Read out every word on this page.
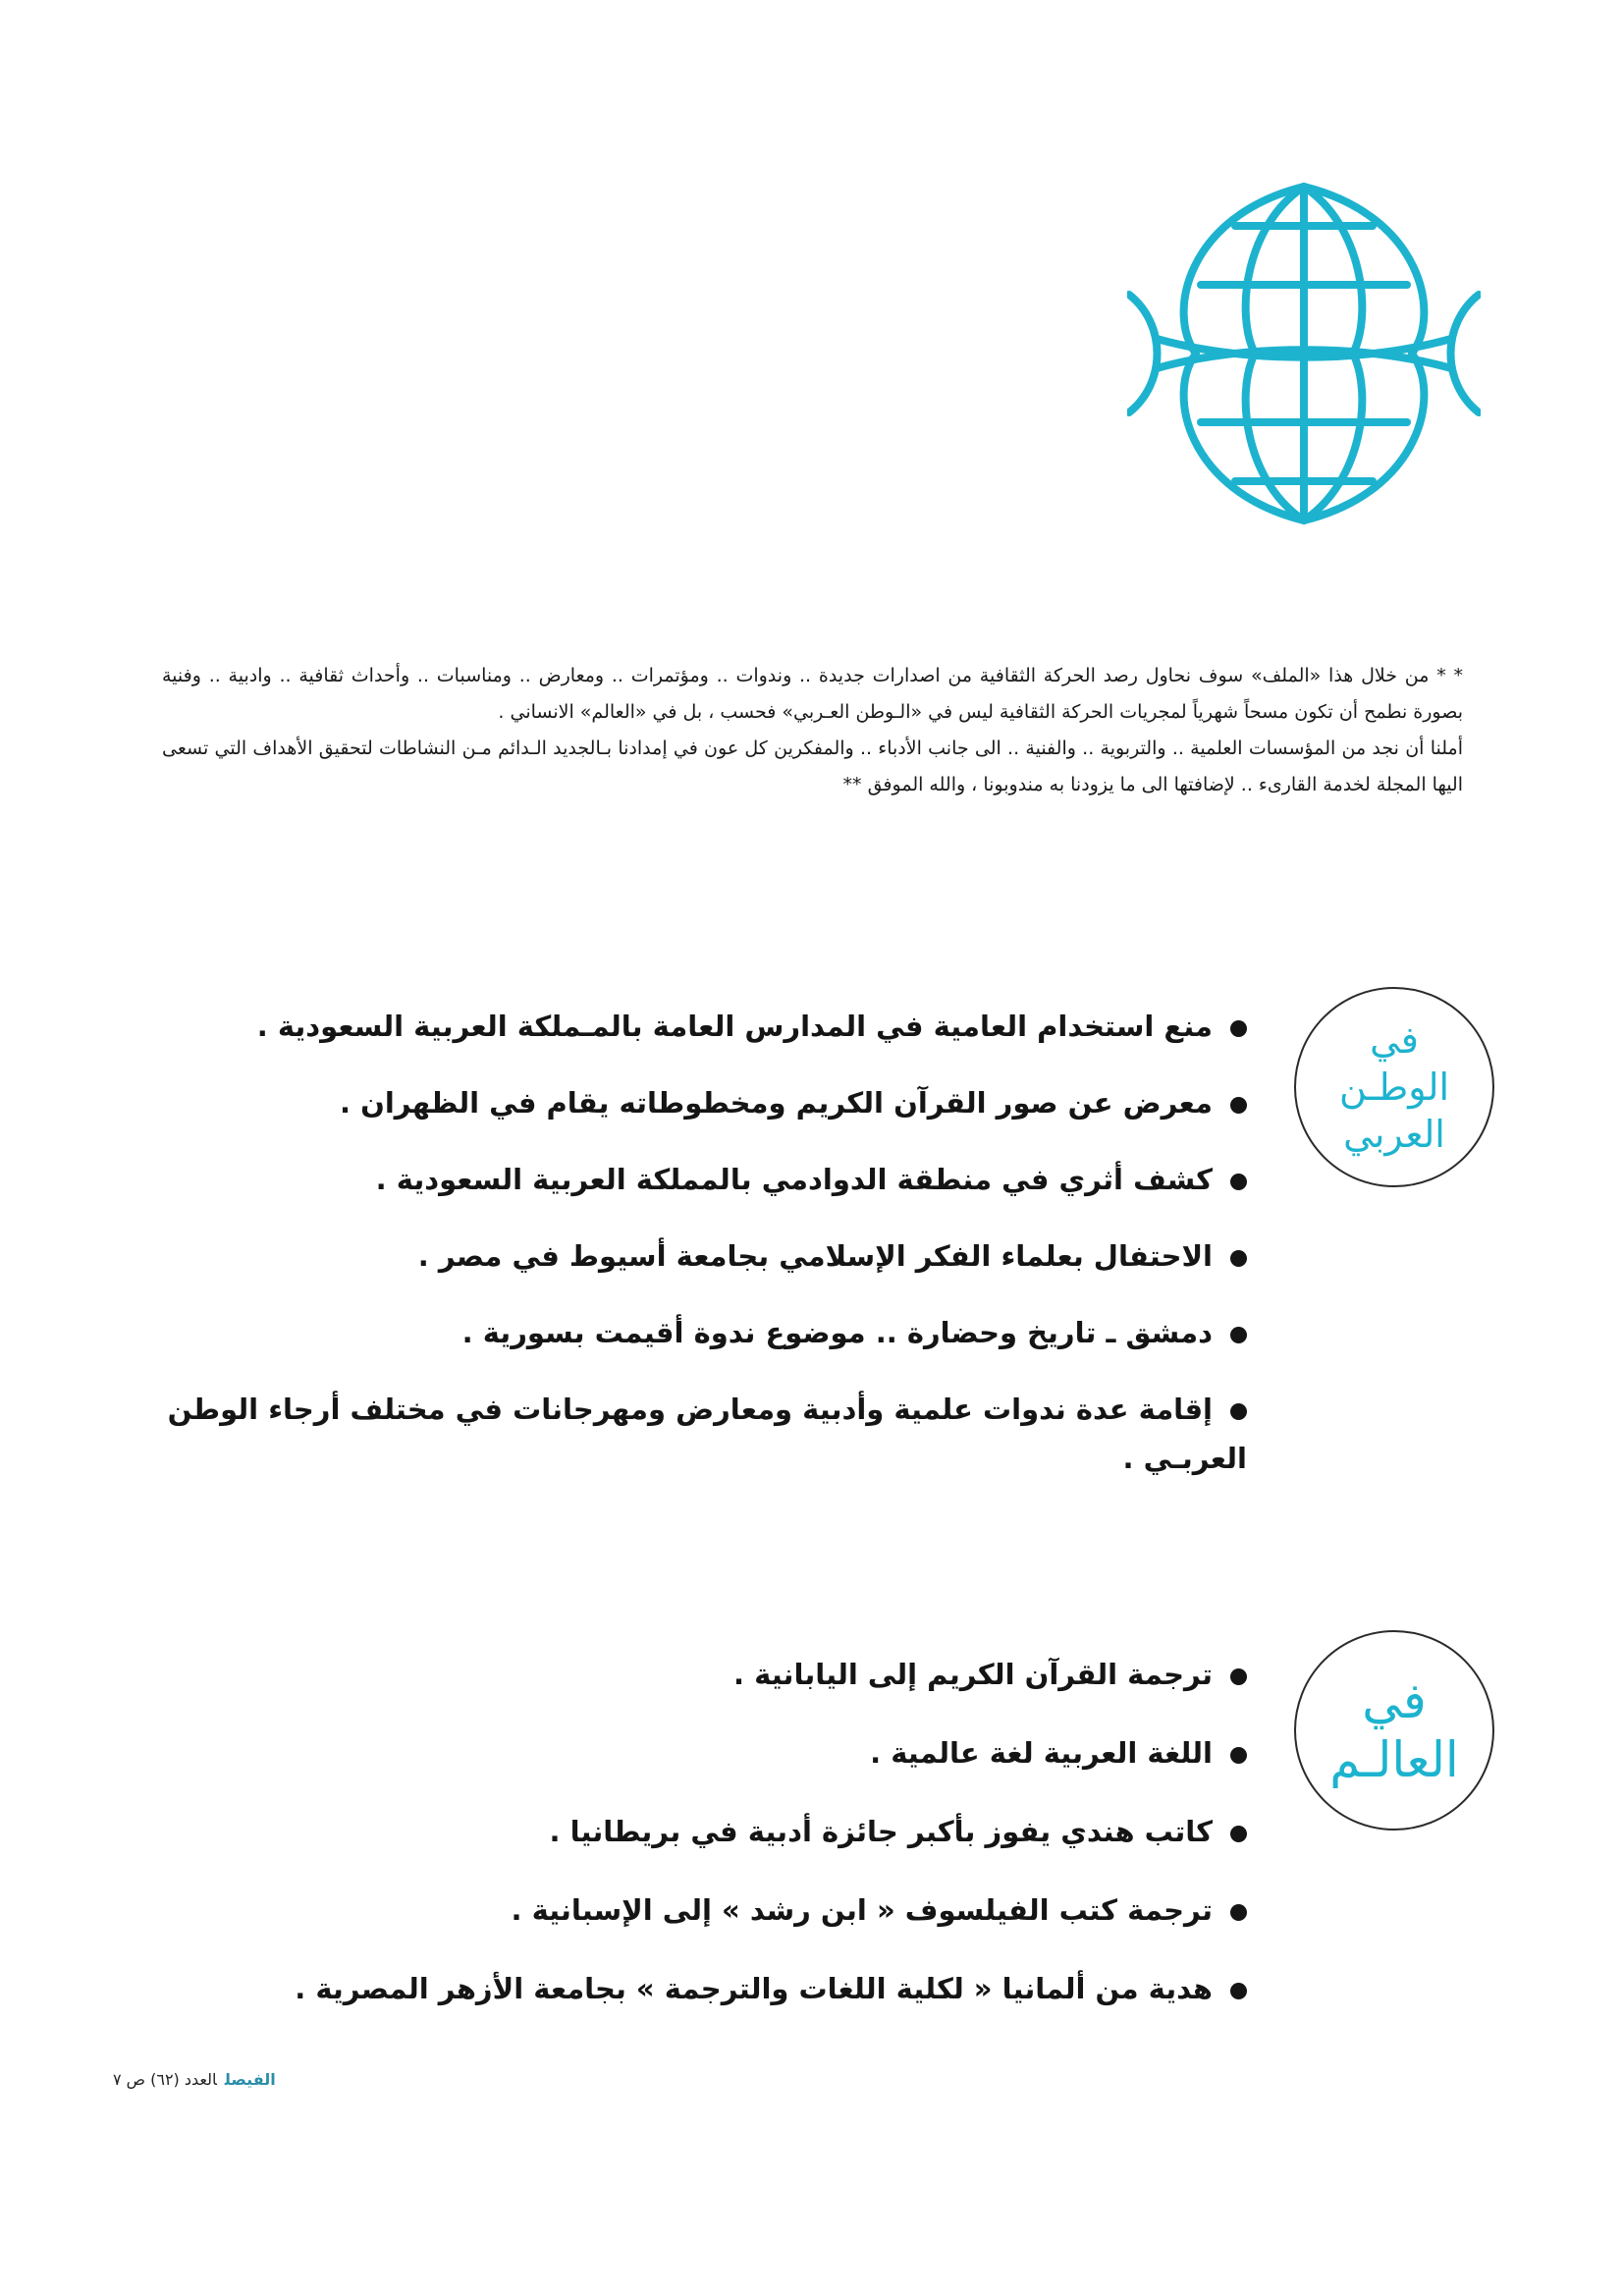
* * من خلال هذا «الملف» سوف نحاول رصد الحركة الثقافية من اصدارات جديدة .. وندوات .. ومؤتمرات .. ومعارض .. ومناسبات .. وأحداث ثقافية .. وادبية .. وفنية بصورة نطمح أن تكون مسحاً شهرياً لمجريات الحركة الثقافية ليس في «الـوطن العـربي» فحسب ، بل في «العالم» الانساني .

أملنا أن نجد من المؤسسات العلمية .. والتربوية .. والفنية .. الى جانب الأدباء .. والمفكرين كل عون في إمدادنا بـالجديد الـدائم مـن النشاطات لتحقيق الأهداف التي تسعى اليها المجلة لخدمة القارىء .. لإضافتها الى ما يزودنا به مندوبونا ، والله الموفق **

في
الوطـن
العربي
منع استخدام العامية في المدارس العامة بالمـملكة العربية السعودية .
معرض عن صور القرآن الكريم ومخطوطاته يقام في الظهران .
كشف أثري في منطقة الدوادمي بالمملكة العربية السعودية .
الاحتفال بعلماء الفكر الإسلامي بجامعة أسيوط في مصر .
دمشق ـ تاريخ وحضارة .. موضوع ندوة أقيمت بسورية .
إقامة عدة ندوات علمية وأدبية ومعارض ومهرجانات في مختلف أرجاء الوطن العربـي .
في
العالـم
ترجمة القرآن الكريم إلى اليابانية .
اللغة العربية لغة عالمية .
كاتب هندي يفوز بأكبر جائزة أدبية في بريطانيا .
ترجمة كتب الفيلسوف « ابن رشد » إلى الإسبانية .
هدية من ألمانيا « لكلية اللغات والترجمة » بجامعة الأزهر المصرية .
الفيصلالعدد (٦٢) ص ٧
